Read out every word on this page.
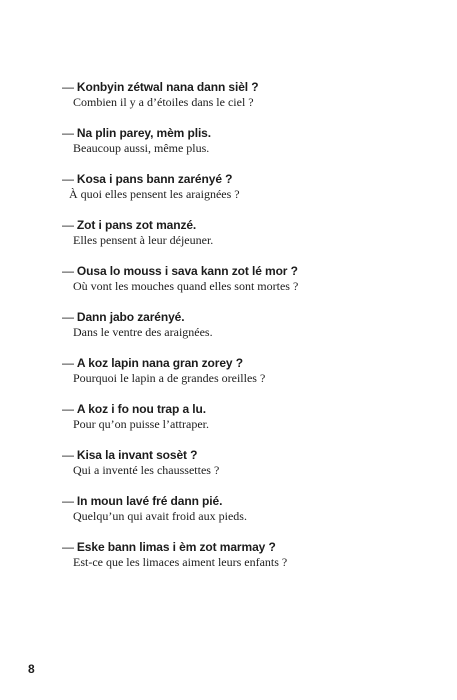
— Konbyin zétwal nana dann sièl ?
Combien il y a d’étoiles dans le ciel ?
— Na plin parey, mèm plis.
Beaucoup aussi, même plus.
— Kosa i pans bann zarényé ?
À quoi elles pensent les araignées ?
— Zot i pans zot manzé.
Elles pensent à leur déjeuner.
— Ousa lo mouss i sava kann zot lé mor ?
Où vont les mouches quand elles sont mortes ?
— Dann jabo zarényé.
Dans le ventre des araignées.
— A koz lapin nana gran zorey ?
Pourquoi le lapin a de grandes oreilles ?
— A koz i fo nou trap a lu.
Pour qu’on puisse l’attraper.
— Kisa la invant sosèt ?
Qui a inventé les chaussettes ?
— In moun lavé fré dann pié.
Quelqu’un qui avait froid aux pieds.
— Eske bann limas i èm zot marmay ?
Est-ce que les limaces aiment leurs enfants ?
8
